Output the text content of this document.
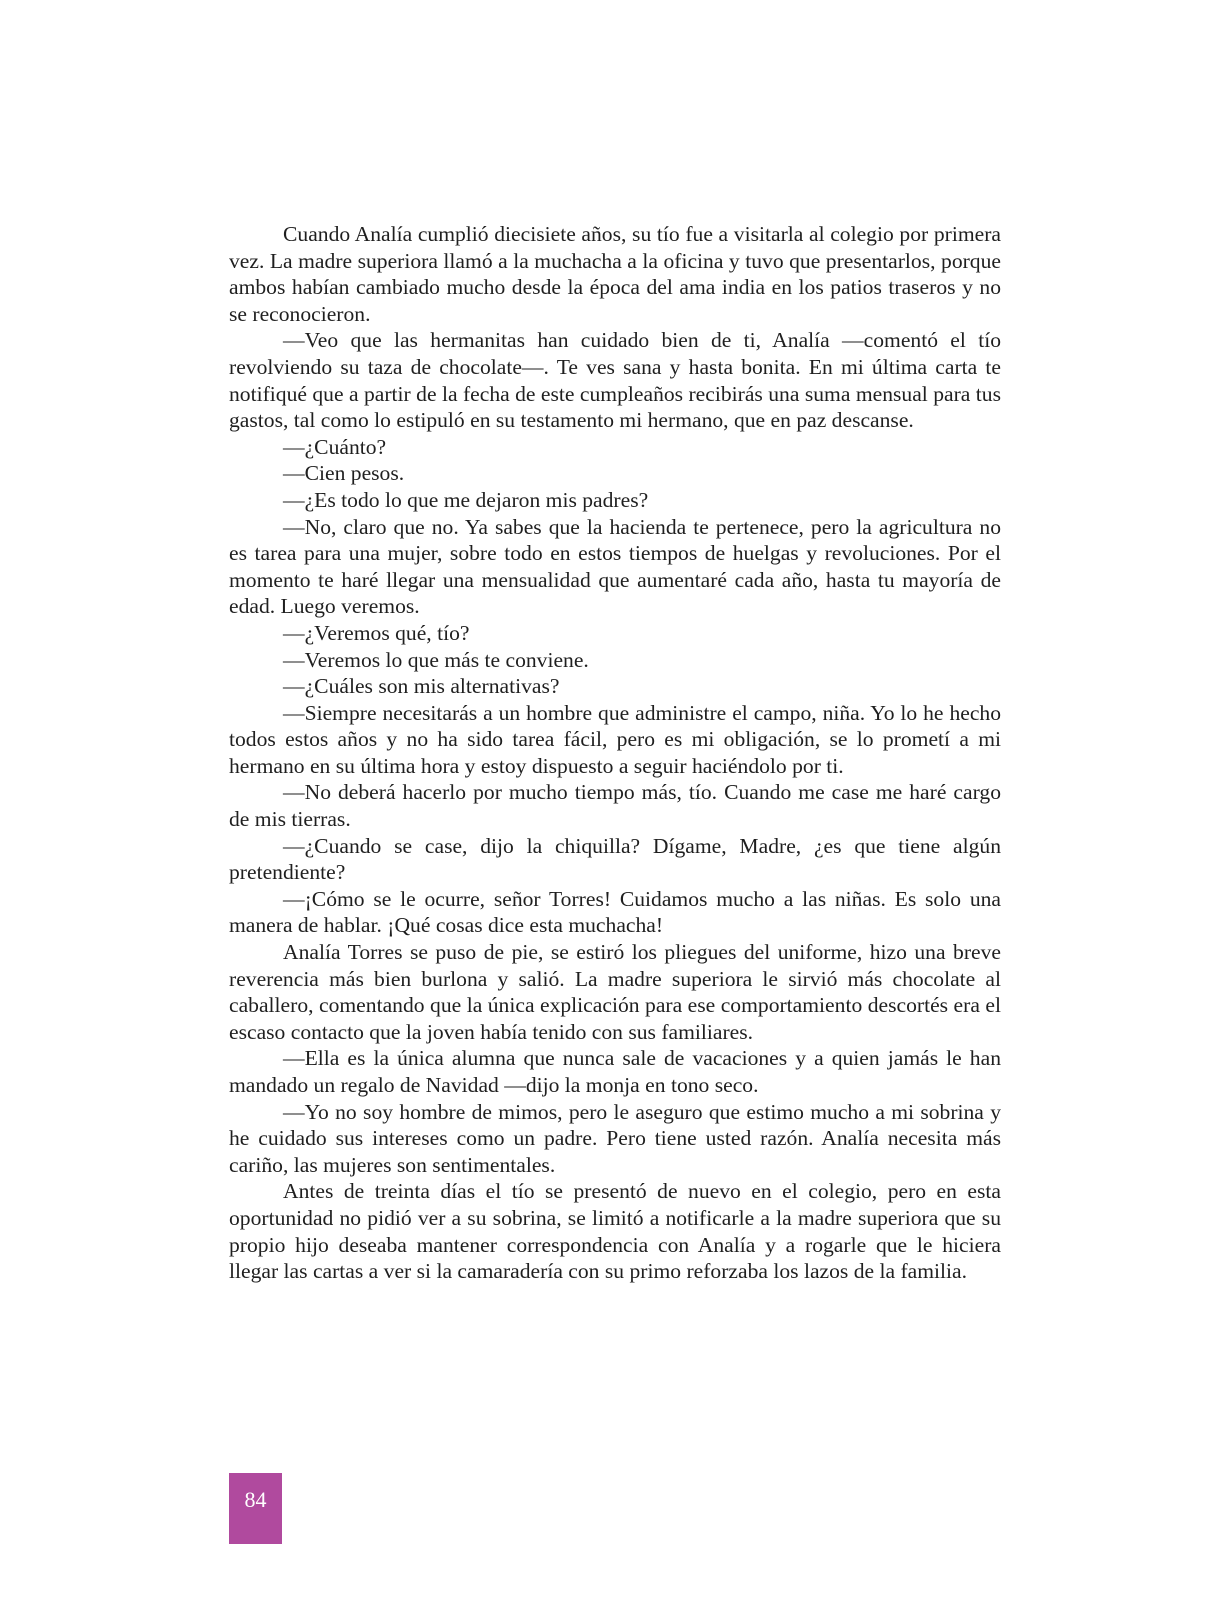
Cuando Analía cumplió diecisiete años, su tío fue a visitarla al colegio por primera vez. La madre superiora llamó a la muchacha a la oficina y tuvo que presentarlos, porque ambos habían cambiado mucho desde la época del ama india en los patios traseros y no se reconocieron.

—Veo que las hermanitas han cuidado bien de ti, Analía —comentó el tío revolviendo su taza de chocolate—. Te ves sana y hasta bonita. En mi última carta te notifiqué que a partir de la fecha de este cumpleaños recibirás una suma mensual para tus gastos, tal como lo estipuló en su testamento mi hermano, que en paz descanse.

—¿Cuánto?

—Cien pesos.

—¿Es todo lo que me dejaron mis padres?

—No, claro que no. Ya sabes que la hacienda te pertenece, pero la agricultura no es tarea para una mujer, sobre todo en estos tiempos de huelgas y revoluciones. Por el momento te haré llegar una mensualidad que aumentaré cada año, hasta tu mayoría de edad. Luego veremos.

—¿Veremos qué, tío?

—Veremos lo que más te conviene.

—¿Cuáles son mis alternativas?

—Siempre necesitarás a un hombre que administre el campo, niña. Yo lo he hecho todos estos años y no ha sido tarea fácil, pero es mi obligación, se lo prometí a mi hermano en su última hora y estoy dispuesto a seguir haciéndolo por ti.

—No deberá hacerlo por mucho tiempo más, tío. Cuando me case me haré cargo de mis tierras.

—¿Cuando se case, dijo la chiquilla? Dígame, Madre, ¿es que tiene algún pretendiente?

—¡Cómo se le ocurre, señor Torres! Cuidamos mucho a las niñas. Es solo una manera de hablar. ¡Qué cosas dice esta muchacha!

Analía Torres se puso de pie, se estiró los pliegues del uniforme, hizo una breve reverencia más bien burlona y salió. La madre superiora le sirvió más chocolate al caballero, comentando que la única explicación para ese comportamiento descortés era el escaso contacto que la joven había tenido con sus familiares.

—Ella es la única alumna que nunca sale de vacaciones y a quien jamás le han mandado un regalo de Navidad —dijo la monja en tono seco.

—Yo no soy hombre de mimos, pero le aseguro que estimo mucho a mi sobrina y he cuidado sus intereses como un padre. Pero tiene usted razón. Analía necesita más cariño, las mujeres son sentimentales.

Antes de treinta días el tío se presentó de nuevo en el colegio, pero en esta oportunidad no pidió ver a su sobrina, se limitó a notificarle a la madre superiora que su propio hijo deseaba mantener correspondencia con Analía y a rogarle que le hiciera llegar las cartas a ver si la camaradería con su primo reforzaba los lazos de la familia.

84
